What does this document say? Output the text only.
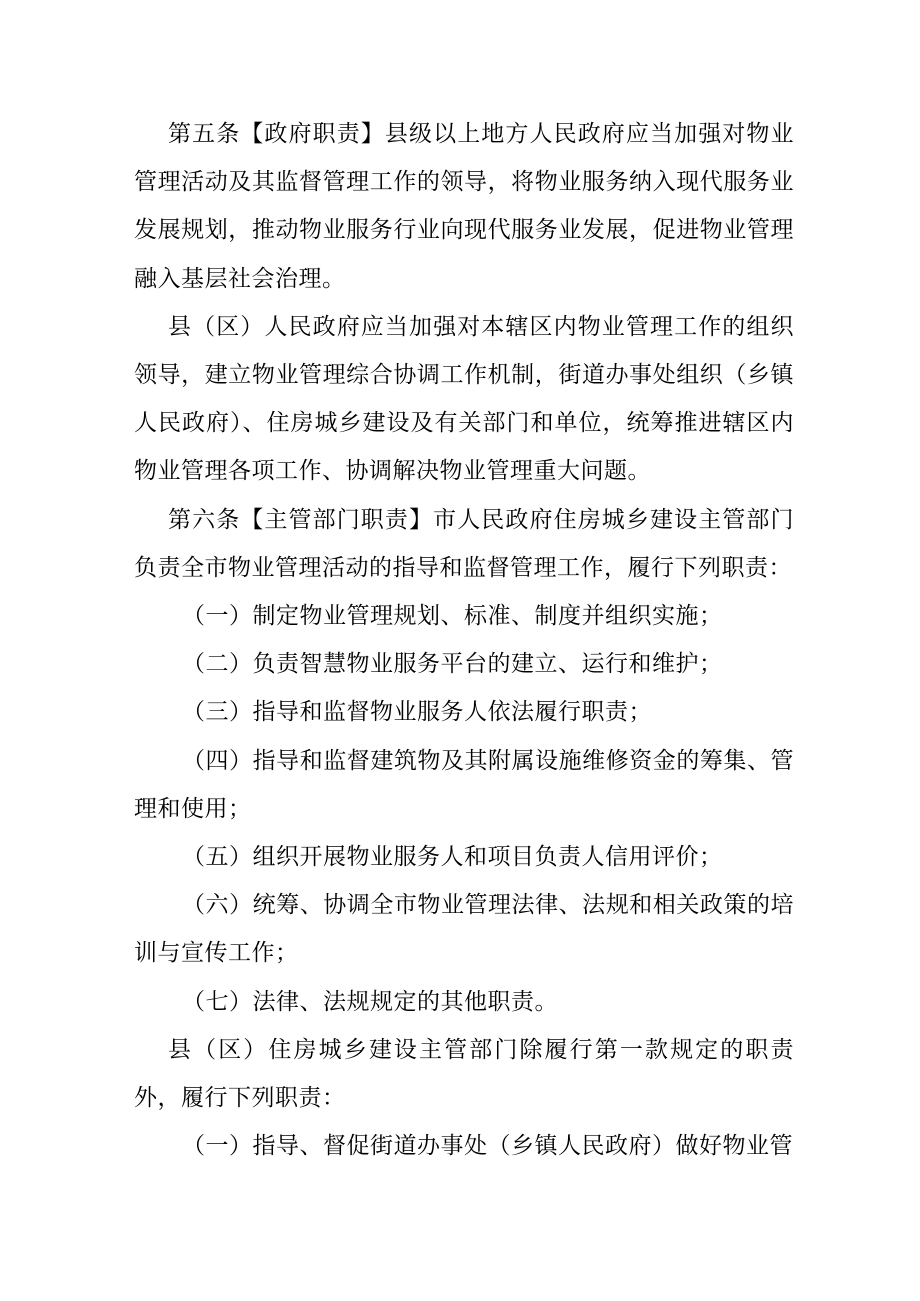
第五条【政府职责】县级以上地方人民政府应当加强对物业管理活动及其监督管理工作的领导，将物业服务纳入现代服务业发展规划，推动物业服务行业向现代服务业发展，促进物业管理融入基层社会治理。

县（区）人民政府应当加强对本辖区内物业管理工作的组织领导，建立物业管理综合协调工作机制，街道办事处组织（乡镇人民政府）、住房城乡建设及有关部门和单位，统筹推进辖区内物业管理各项工作、协调解决物业管理重大问题。

第六条【主管部门职责】市人民政府住房城乡建设主管部门负责全市物业管理活动的指导和监督管理工作，履行下列职责：

（一）制定物业管理规划、标准、制度并组织实施；

（二）负责智慧物业服务平台的建立、运行和维护；

（三）指导和监督物业服务人依法履行职责；

（四）指导和监督建筑物及其附属设施维修资金的筹集、管理和使用；

（五）组织开展物业服务人和项目负责人信用评价；

（六）统筹、协调全市物业管理法律、法规和相关政策的培训与宣传工作；

（七）法律、法规规定的其他职责。

县（区）住房城乡建设主管部门除履行第一款规定的职责外，履行下列职责：

（一）指导、督促街道办事处（乡镇人民政府）做好物业管
